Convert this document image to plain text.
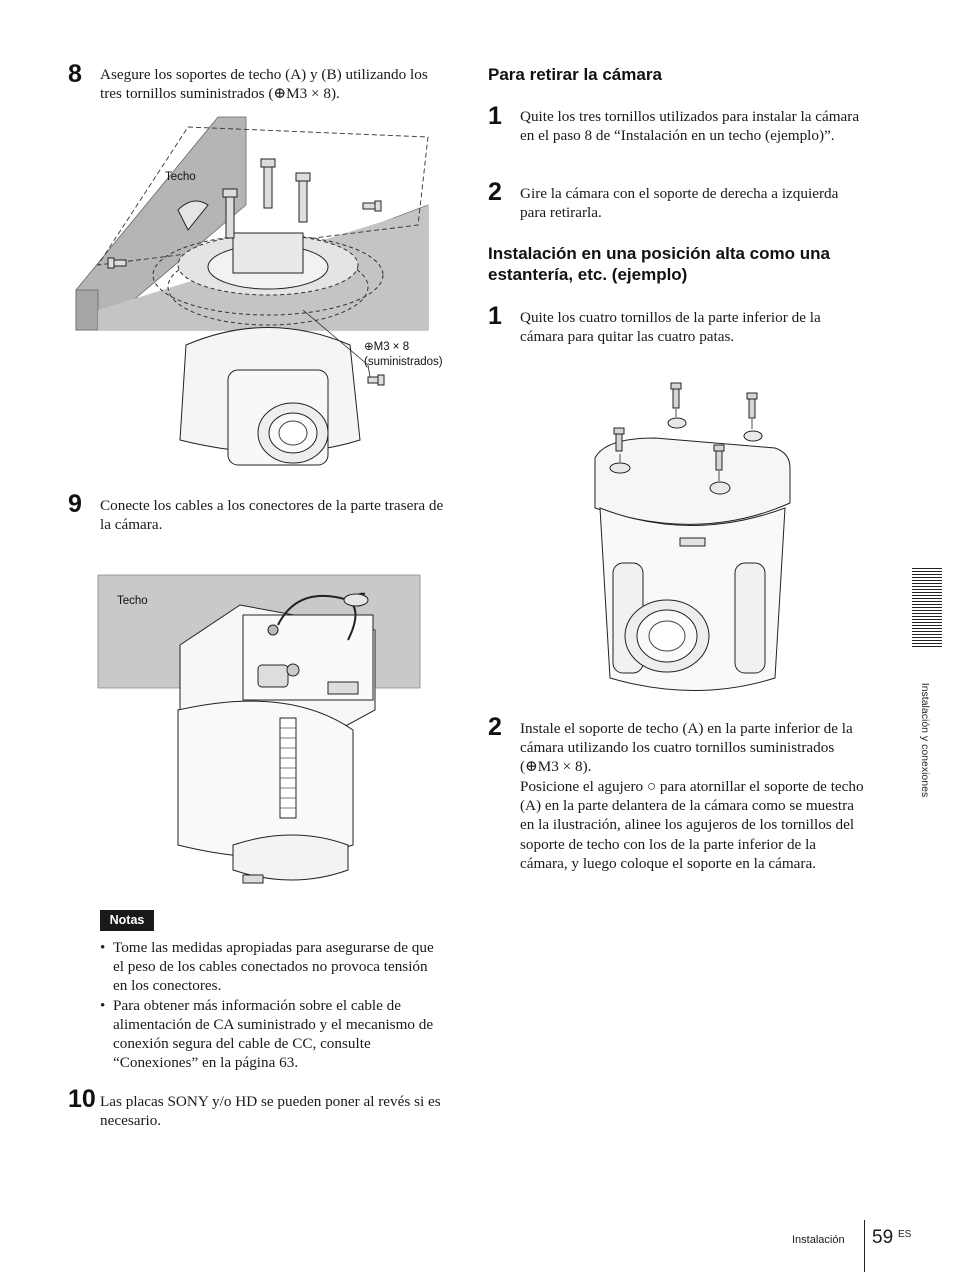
8 Asegure los soportes de techo (A) y (B) utilizando los tres tornillos suministrados (⊕M3 × 8).
Techo
⊕M3 × 8
(suministrados)
9 Conecte los cables a los conectores de la parte trasera de la cámara.
Techo
Notas
• Tome las medidas apropiadas para asegurarse de que el peso de los cables conectados no provoca tensión en los conectores.
• Para obtener más información sobre el cable de alimentación de CA suministrado y el mecanismo de conexión segura del cable de CC, consulte “Conexiones” en la página 63.
10 Las placas SONY y/o HD se pueden poner al revés si es necesario.
Para retirar la cámara
1 Quite los tres tornillos utilizados para instalar la cámara en el paso 8 de “Instalación en un techo (ejemplo)”.
2 Gire la cámara con el soporte de derecha a izquierda para retirarla.
Instalación en una posición alta como una estantería, etc. (ejemplo)
1 Quite los cuatro tornillos de la parte inferior de la cámara para quitar las cuatro patas.
2 Instale el soporte de techo (A) en la parte inferior de la cámara utilizando los cuatro tornillos suministrados (⊕M3 × 8).
Posicione el agujero ○ para atornillar el soporte de techo (A) en la parte delantera de la cámara como se muestra en la ilustración, alinee los agujeros de los tornillos del soporte de techo con los de la parte inferior de la cámara, y luego coloque el soporte en la cámara.
Instalación y conexiones
Instalación 59 ES
